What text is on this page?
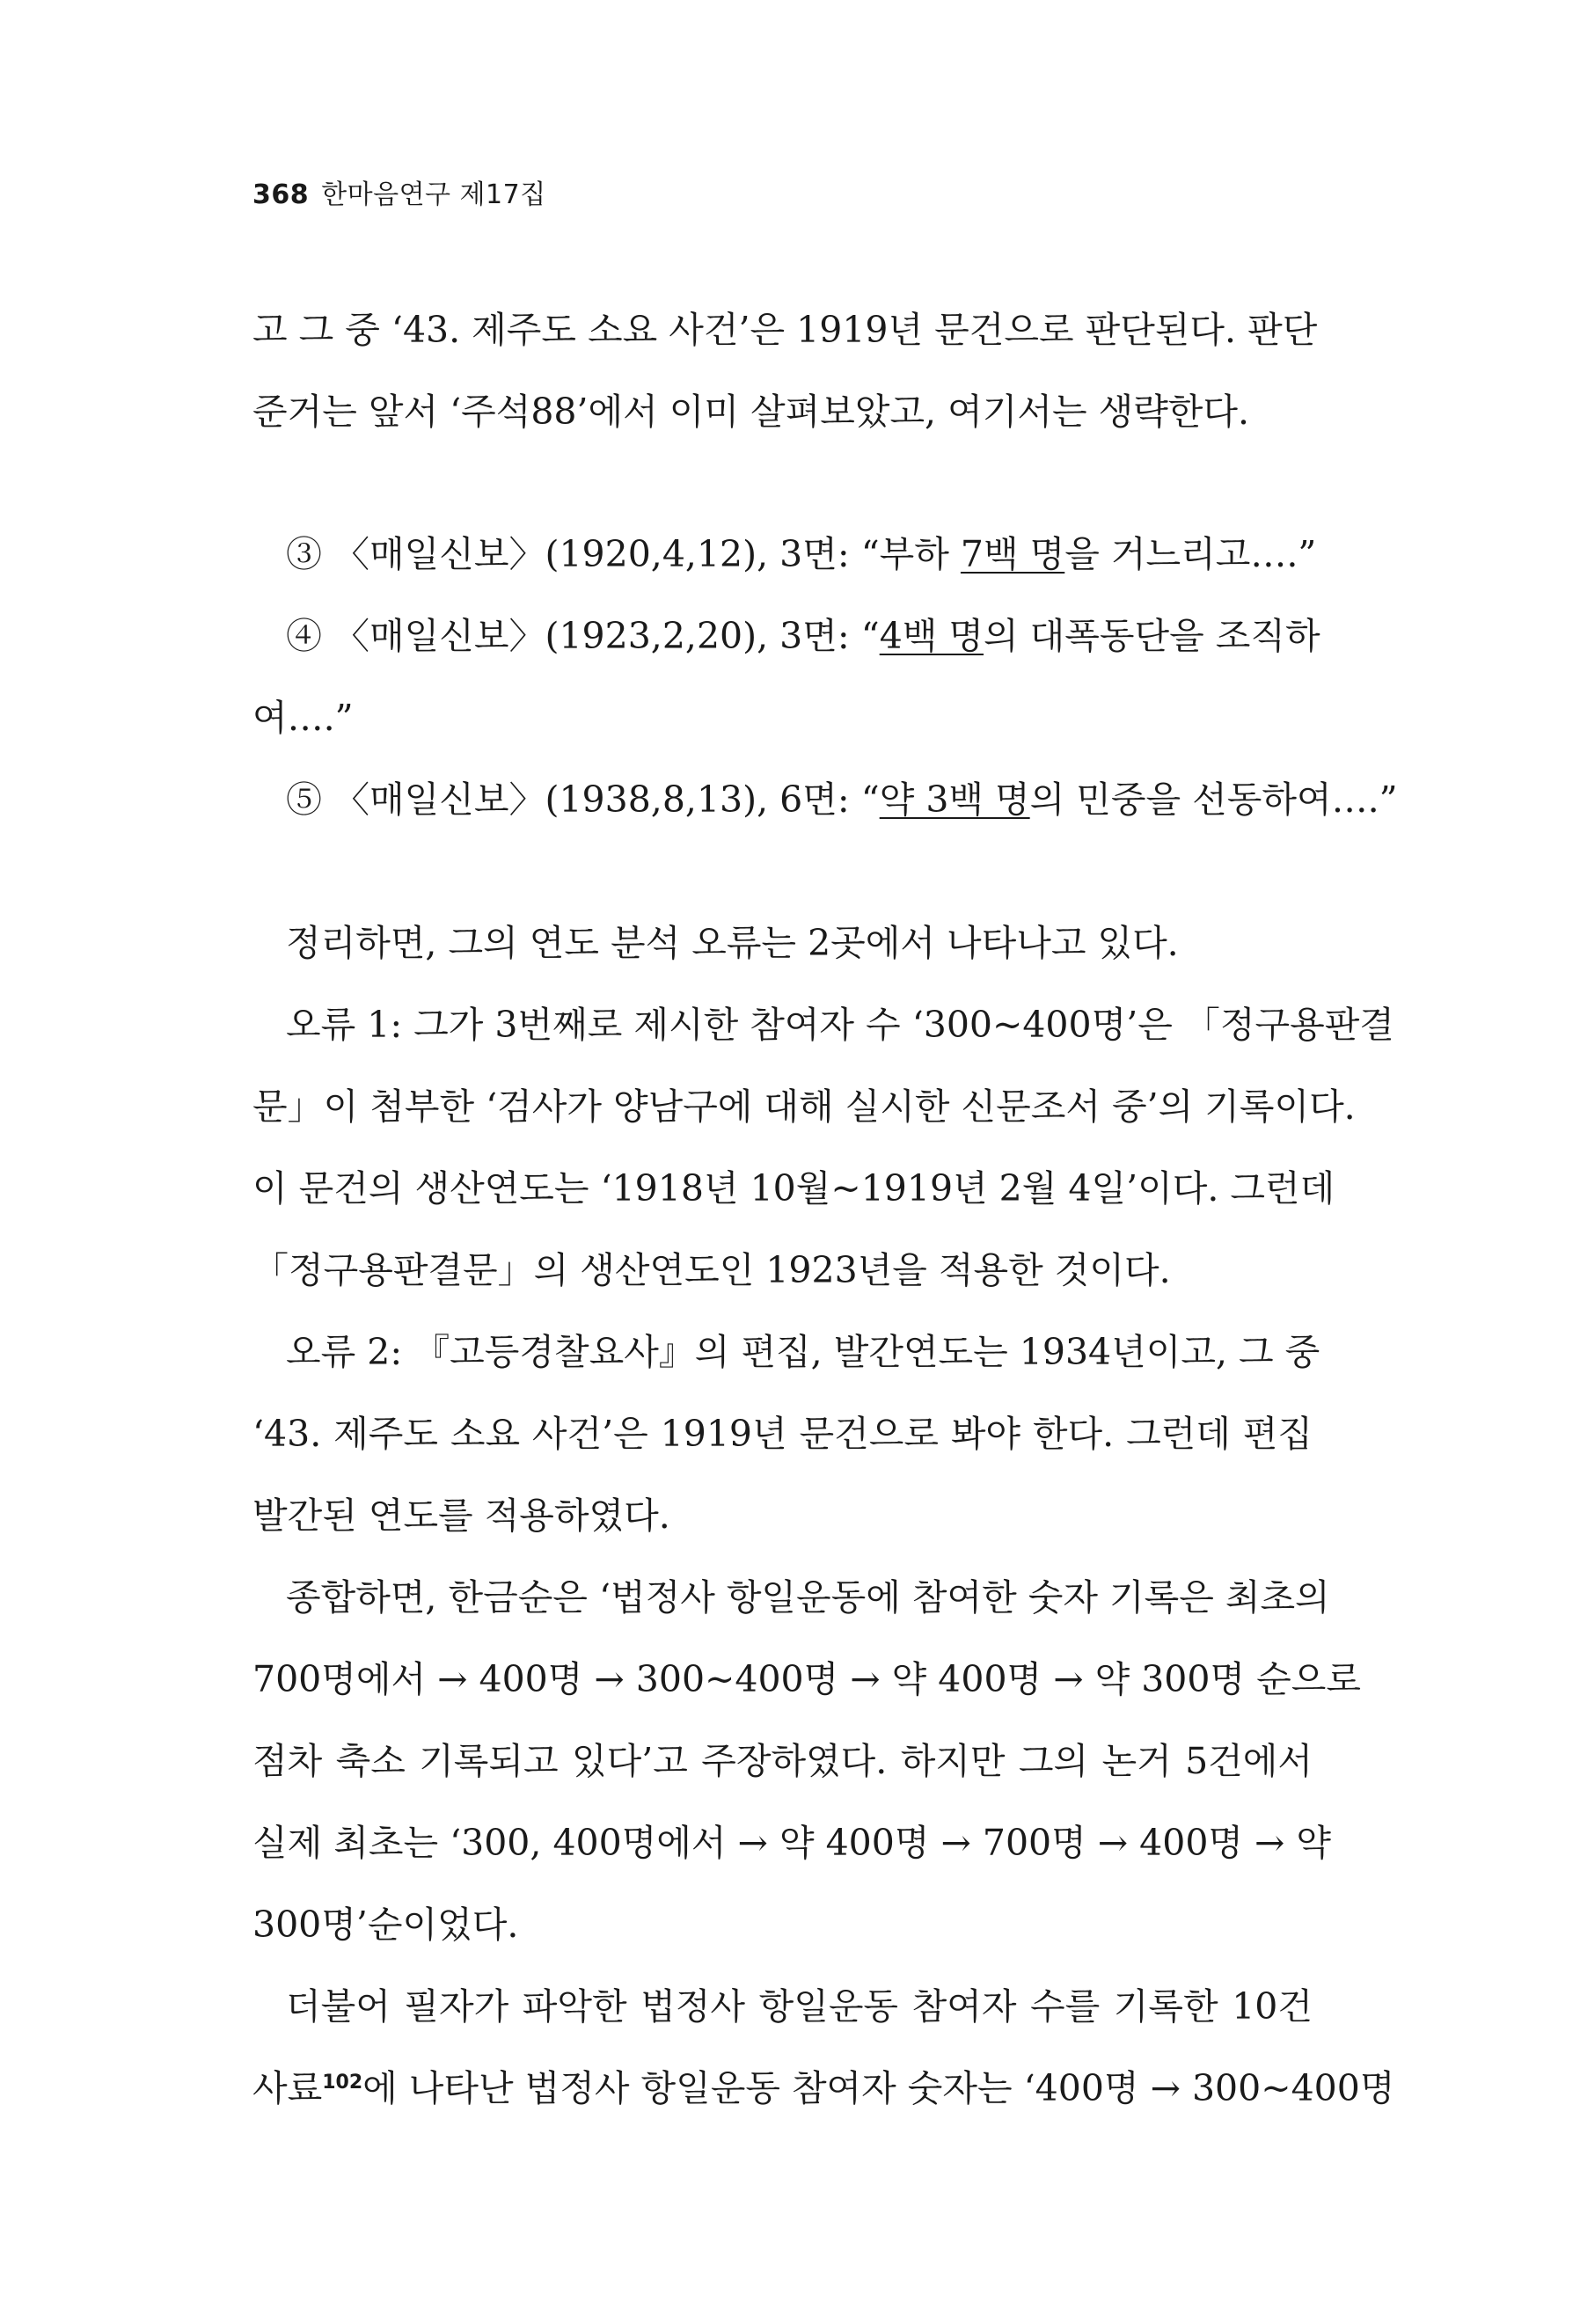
368 한마음연구 제17집
고 그 중 ‘43. 제주도 소요 사건’은 1919년 문건으로 판단된다. 판단
준거는 앞서 ‘주석88’에서 이미 살펴보았고, 여기서는 생략한다.
③ 〈매일신보〉(1920,4,12), 3면: “부하 7백 명을 거느리고….”
④ 〈매일신보〉(1923,2,20), 3면: “4백 명의 대폭동단을 조직하
여….”
⑤ 〈매일신보〉(1938,8,13), 6면: “약 3백 명의 민중을 선동하여….”
정리하면, 그의 연도 분석 오류는 2곳에서 나타나고 있다.
오류 1: 그가 3번째로 제시한 참여자 수 ‘300~400명’은 「정구용판결
문」이 첨부한 ‘검사가 양남구에 대해 실시한 신문조서 중’의 기록이다.
이 문건의 생산연도는 ‘1918년 10월~1919년 2월 4일’이다. 그런데
「정구용판결문」의 생산연도인 1923년을 적용한 것이다.
오류 2: 『고등경찰요사』의 편집, 발간연도는 1934년이고, 그 중
‘43. 제주도 소요 사건’은 1919년 문건으로 봐야 한다. 그런데 편집
발간된 연도를 적용하였다.
종합하면, 한금순은 ‘법정사 항일운동에 참여한 숫자 기록은 최초의
700명에서 → 400명 → 300~400명 → 약 400명 → 약 300명 순으로
점차 축소 기록되고 있다’고 주장하였다. 하지만 그의 논거 5건에서
실제 최초는 ‘300, 400명에서 → 약 400명 → 700명 → 400명 → 약
300명’순이었다.
더불어 필자가 파악한 법정사 항일운동 참여자 수를 기록한 10건
사료$^{102}$에 나타난 법정사 항일운동 참여자 숫자는 ‘400명 → 300~400명
